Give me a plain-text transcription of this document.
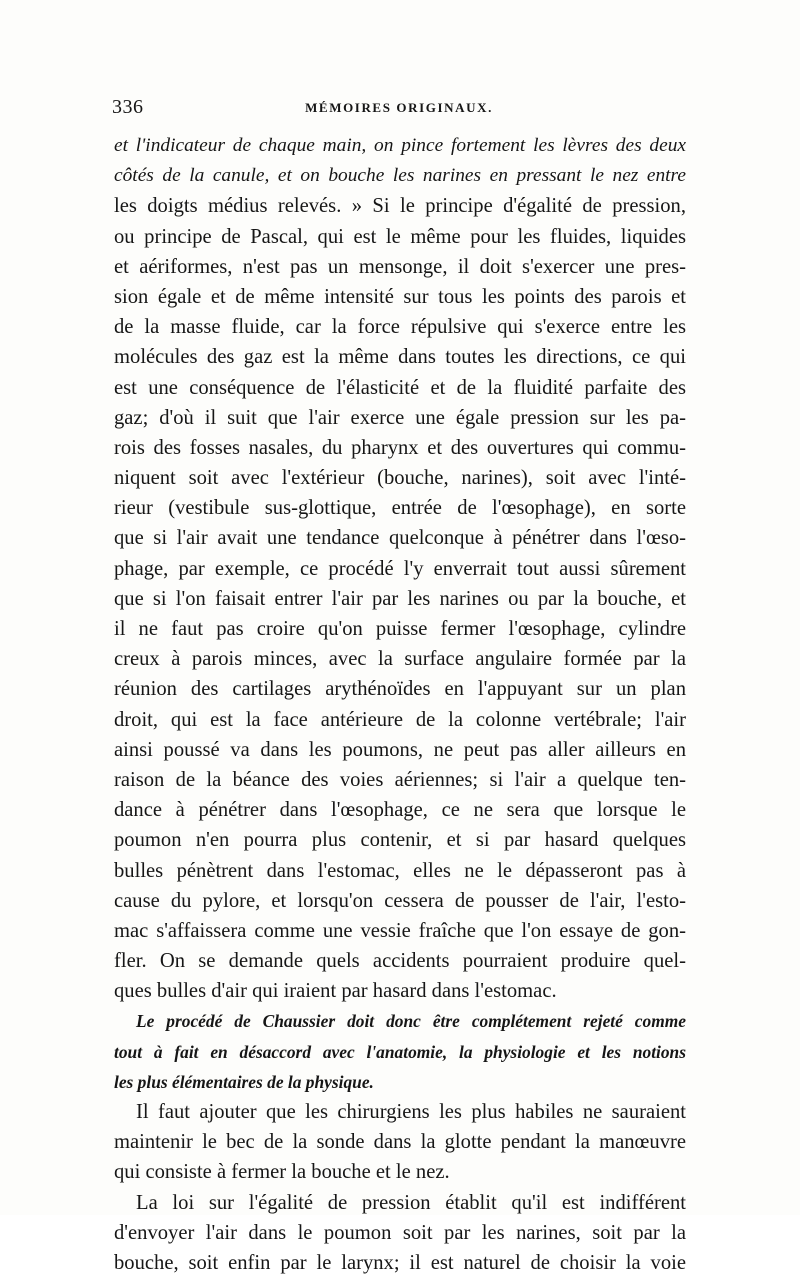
336	MÉMOIRES ORIGINAUX.
et l'indicateur de chaque main, on pince fortement les lèvres des deux
côtés de la canule, et on bouche les narines en pressant le nez entre
les doigts médius relevés. » Si le principe d'égalité de pression,
ou principe de Pascal, qui est le même pour les fluides, liquides
et aériformes, n'est pas un mensonge, il doit s'exercer une pres-
sion égale et de même intensité sur tous les points des parois et
de la masse fluide, car la force répulsive qui s'exerce entre les
molécules des gaz est la même dans toutes les directions, ce qui
est une conséquence de l'élasticité et de la fluidité parfaite des
gaz; d'où il suit que l'air exerce une égale pression sur les pa-
rois des fosses nasales, du pharynx et des ouvertures qui commu-
niquent soit avec l'extérieur (bouche, narines), soit avec l'inté-
rieur (vestibule sus-glottique, entrée de l'œsophage), en sorte
que si l'air avait une tendance quelconque à pénétrer dans l'œso-
phage, par exemple, ce procédé l'y enverrait tout aussi sûrement
que si l'on faisait entrer l'air par les narines ou par la bouche, et
il ne faut pas croire qu'on puisse fermer l'œsophage, cylindre
creux à parois minces, avec la surface angulaire formée par la
réunion des cartilages arythénoïdes en l'appuyant sur un plan
droit, qui est la face antérieure de la colonne vertébrale; l'air
ainsi poussé va dans les poumons, ne peut pas aller ailleurs en
raison de la béance des voies aériennes; si l'air a quelque ten-
dance à pénétrer dans l'œsophage, ce ne sera que lorsque le
poumon n'en pourra plus contenir, et si par hasard quelques
bulles pénètrent dans l'estomac, elles ne le dépasseront pas à
cause du pylore, et lorsqu'on cessera de pousser de l'air, l'esto-
mac s'affaissera comme une vessie fraîche que l'on essaye de gon-
fler. On se demande quels accidents pourraient produire quel-
ques bulles d'air qui iraient par hasard dans l'estomac.
Le procédé de Chaussier doit donc être complétement rejeté comme
tout à fait en désaccord avec l'anatomie, la physiologie et les notions
les plus élémentaires de la physique.
Il faut ajouter que les chirurgiens les plus habiles ne sauraient
maintenir le bec de la sonde dans la glotte pendant la manœuvre
qui consiste à fermer la bouche et le nez.
La loi sur l'égalité de pression établit qu'il est indifférent
d'envoyer l'air dans le poumon soit par les narines, soit par la
bouche, soit enfin par le larynx; il est naturel de choisir la voie
